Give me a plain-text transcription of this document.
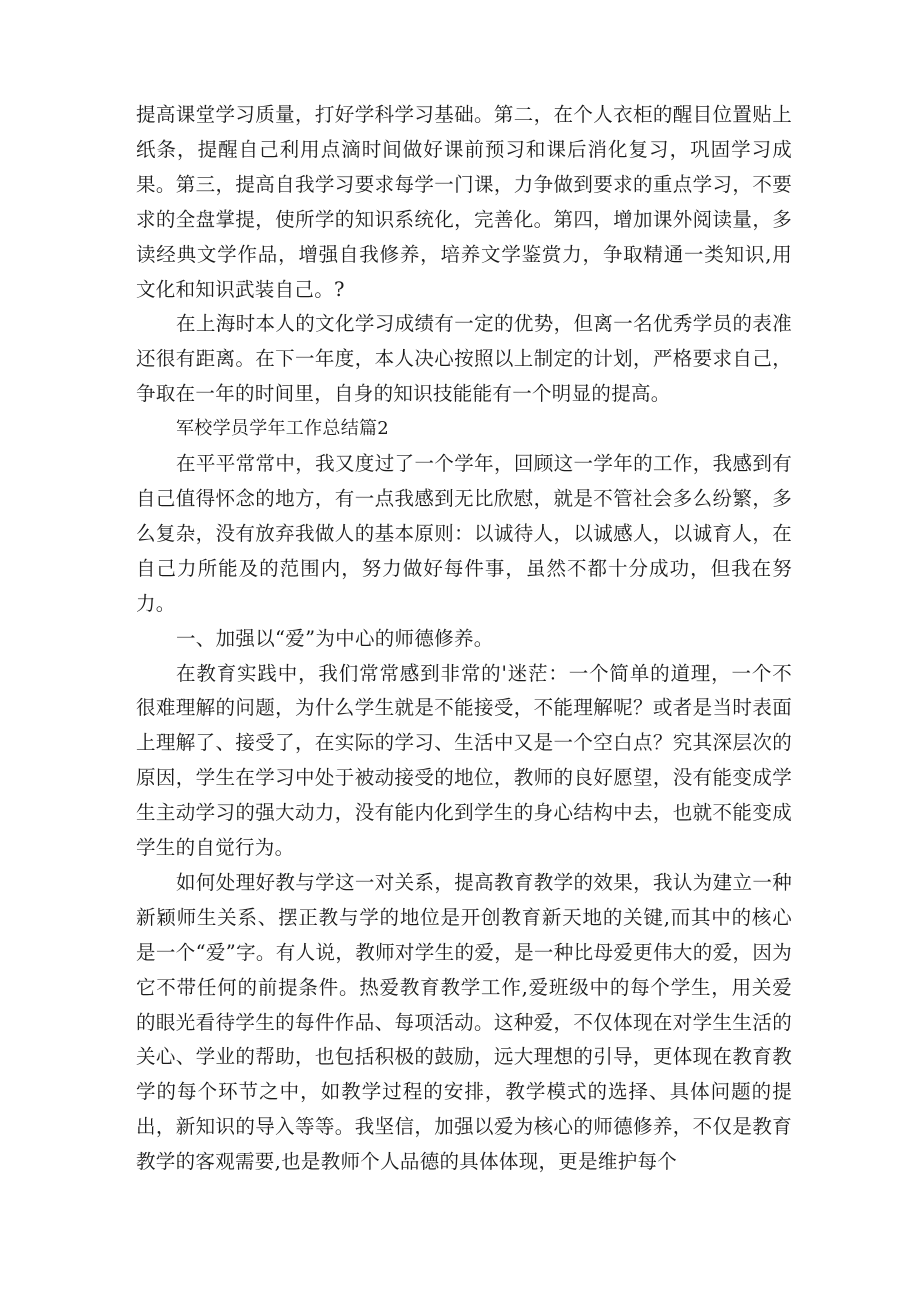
提高课堂学习质量，打好学科学习基础。第二，在个人衣柜的醒目位置贴上纸条，提醒自己利用点滴时间做好课前预习和课后消化复习，巩固学习成果。第三，提高自我学习要求每学一门课，力争做到要求的重点学习，不要求的全盘掌提，使所学的知识系统化，完善化。第四，增加课外阅读量，多读经典文学作品，增强自我修养，培养文学鉴赏力，争取精通一类知识,用文化和知识武装自己。?

在上海时本人的文化学习成绩有一定的优势，但离一名优秀学员的表准还很有距离。在下一年度，本人决心按照以上制定的计划，严格要求自己，争取在一年的时间里，自身的知识技能能有一个明显的提高。

军校学员学年工作总结篇2

在平平常常中，我又度过了一个学年，回顾这一学年的工作，我感到有自己值得怀念的地方，有一点我感到无比欣慰，就是不管社会多么纷繁，多么复杂，没有放弃我做人的基本原则：以诚待人，以诚感人，以诚育人，在自己力所能及的范围内，努力做好每件事，虽然不都十分成功，但我在努力。

一、加强以“爱”为中心的师德修养。

在教育实践中，我们常常感到非常的'迷茫：一个简单的道理，一个不很难理解的问题，为什么学生就是不能接受，不能理解呢？或者是当时表面上理解了、接受了，在实际的学习、生活中又是一个空白点？究其深层次的原因，学生在学习中处于被动接受的地位，教师的良好愿望，没有能变成学生主动学习的强大动力，没有能内化到学生的身心结构中去，也就不能变成学生的自觉行为。

如何处理好教与学这一对关系，提高教育教学的效果，我认为建立一种新颖师生关系、摆正教与学的地位是开创教育新天地的关键,而其中的核心是一个“爱”字。有人说，教师对学生的爱，是一种比母爱更伟大的爱，因为它不带任何的前提条件。热爱教育教学工作,爱班级中的每个学生，用关爱的眼光看待学生的每件作品、每项活动。这种爱，不仅体现在对学生生活的关心、学业的帮助，也包括积极的鼓励，远大理想的引导，更体现在教育教学的每个环节之中，如教学过程的安排，教学模式的选择、具体问题的提出，新知识的导入等等。我坚信，加强以爱为核心的师德修养，不仅是教育教学的客观需要,也是教师个人品德的具体体现，更是维护每个
